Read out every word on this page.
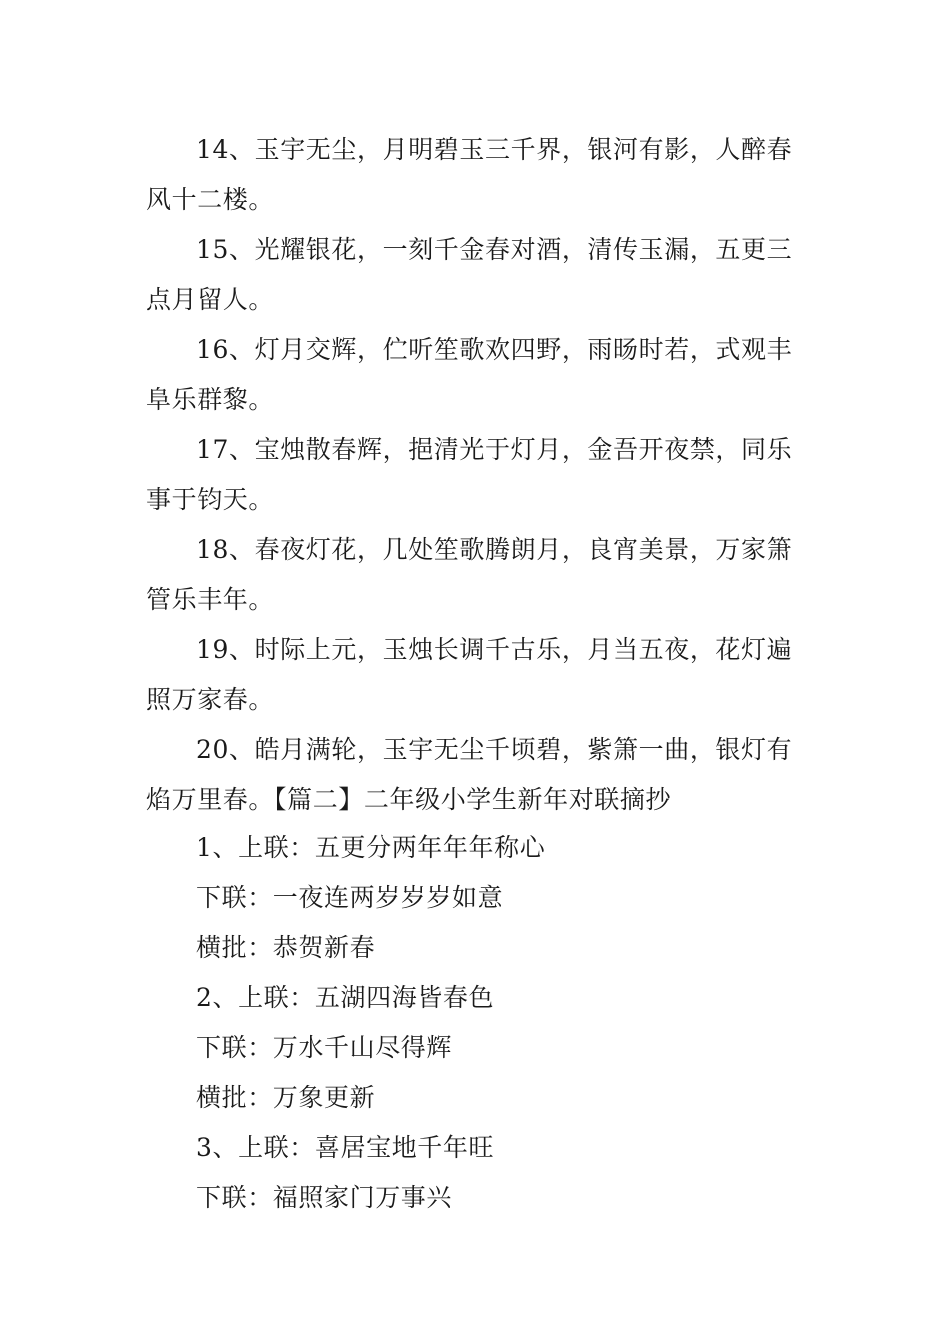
14、玉宇无尘，月明碧玉三千界，银河有影，人醉春风十二楼。
15、光耀银花，一刻千金春对酒，清传玉漏，五更三点月留人。
16、灯月交辉，伫听笙歌欢四野，雨旸时若，式观丰阜乐群黎。
17、宝烛散春辉，挹清光于灯月，金吾开夜禁，同乐事于钧天。
18、春夜灯花，几处笙歌腾朗月，良宵美景，万家箫管乐丰年。
19、时际上元，玉烛长调千古乐，月当五夜，花灯遍照万家春。
20、皓月满轮，玉宇无尘千顷碧，紫箫一曲，银灯有焰万里春。【篇二】二年级小学生新年对联摘抄
1、上联：五更分两年年年称心
下联：一夜连两岁岁岁如意
横批：恭贺新春
2、上联：五湖四海皆春色
下联：万水千山尽得辉
横批：万象更新
3、上联：喜居宝地千年旺
下联：福照家门万事兴
